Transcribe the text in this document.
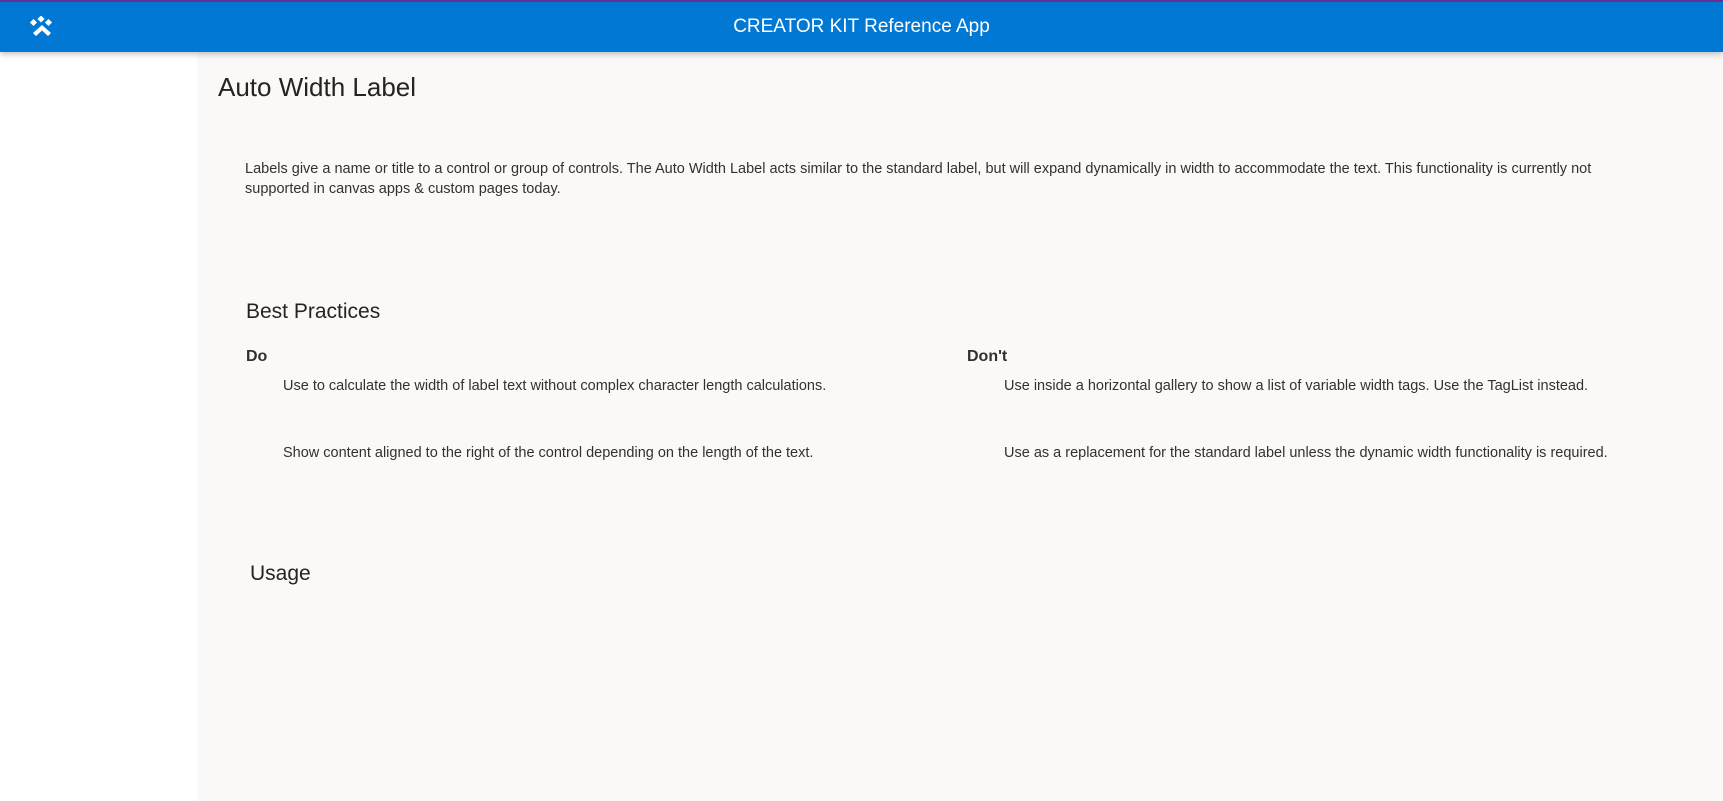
CREATOR KIT Reference App
Auto Width Label
Labels give a name or title to a control or group of controls. The Auto Width Label acts similar to the standard label, but will expand dynamically in width to accommodate the text. This functionality is currently not supported in canvas apps & custom pages today.
Best Practices
Do
Use to calculate the width of label text without complex character length calculations.
Show content aligned to the right of the control depending on the length of the text.
Don't
Use inside a horizontal gallery to show a list of variable width tags. Use the TagList instead.
Use as a replacement for the standard label unless the dynamic width functionality is required.
Usage
